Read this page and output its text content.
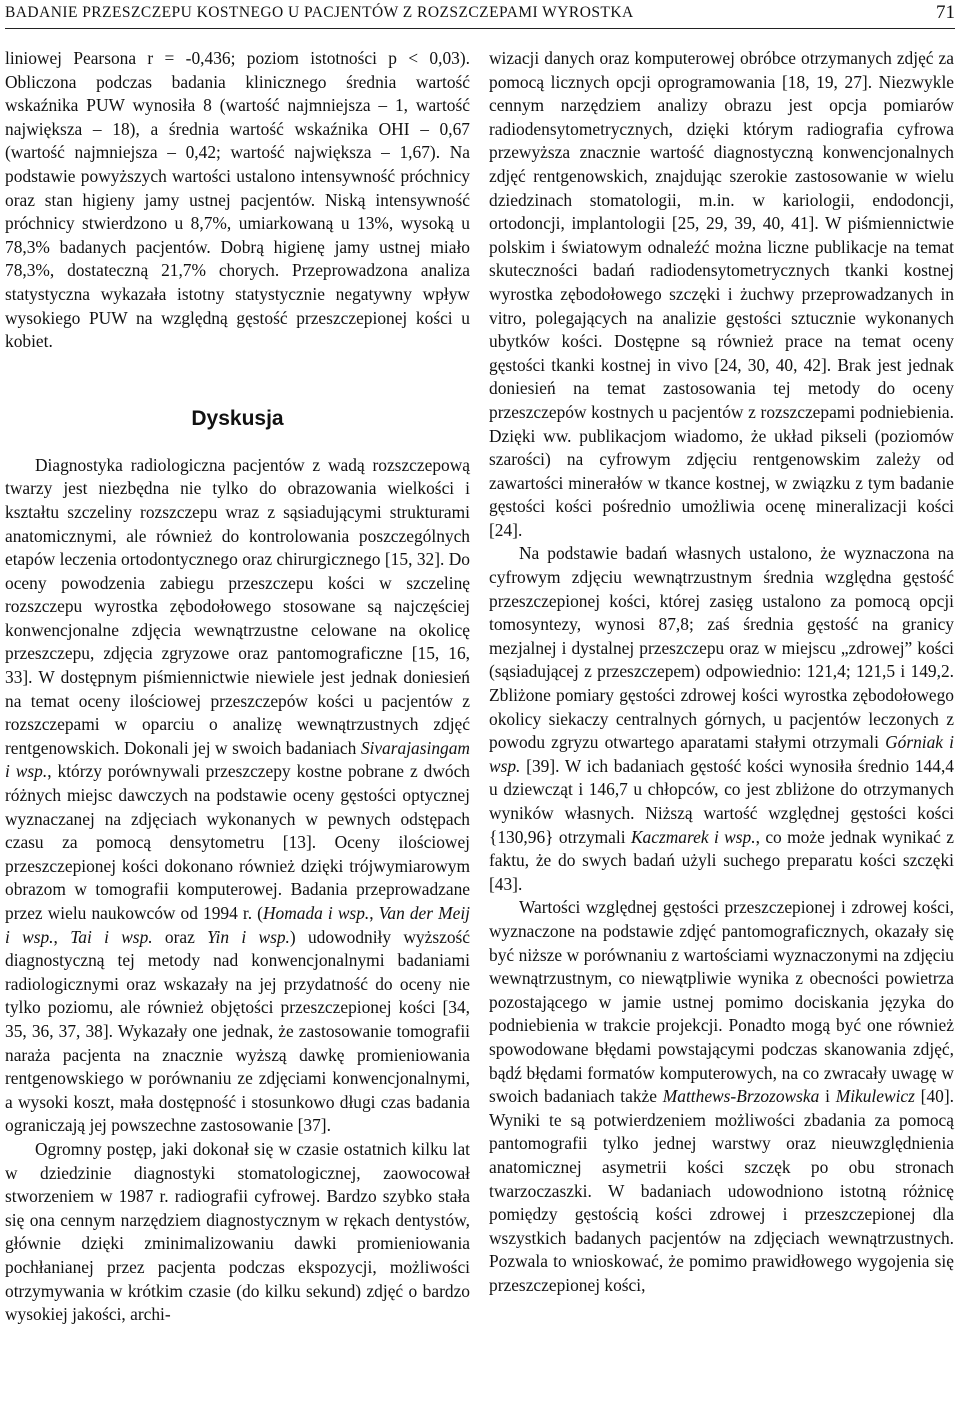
BADANIE PRZESZCZEPU KOSTNEGO U PACJENTÓW Z ROZSZCZEPAMI WYROSTKA	71

liniowej Pearsona r = -0,436; poziom istotności p < 0,03). Obliczona podczas badania klinicznego średnia wartość wskaźnika PUW wynosiła 8 (wartość najmniejsza – 1, wartość największa – 18), a średnia wartość wskaźnika OHI – 0,67 (wartość najmniejsza – 0,42; wartość największa – 1,67). Na podstawie powyższych wartości ustalono intensywność próchnicy oraz stan higieny jamy ustnej pacjentów. Niską intensywność próchnicy stwierdzono u 8,7%, umiarkowaną u 13%, wysoką u 78,3% badanych pacjentów. Dobrą higienę jamy ustnej miało 78,3%, dostateczną 21,7% chorych. Przeprowadzona analiza statystyczna wykazała istotny statystycznie negatywny wpływ wysokiego PUW na względną gęstość przeszczepionej kości u kobiet.

Dyskusja

Diagnostyka radiologiczna pacjentów z wadą rozszczepową twarzy jest niezbędna nie tylko do obrazowania wielkości i kształtu szczeliny rozszczepu wraz z sąsiadującymi strukturami anatomicznymi, ale również do kontrolowania poszczególnych etapów leczenia ortodontycznego oraz chirurgicznego [15, 32]. Do oceny powodzenia zabiegu przeszczepu kości w szczelinę rozszczepu wyrostka zębodołowego stosowane są najczęściej konwencjonalne zdjęcia wewnątrzustne celowane na okolicę przeszczepu, zdjęcia zgryzowe oraz pantomograficzne [15, 16, 33]. W dostępnym piśmiennictwie niewiele jest jednak doniesień na temat oceny ilościowej przeszczepów kości u pacjentów z rozszczepami w oparciu o analizę wewnątrzustnych zdjęć rentgenowskich. Dokonali jej w swoich badaniach Sivarajasingam i wsp., którzy porównywali przeszczepy kostne pobrane z dwóch różnych miejsc dawczych na podstawie oceny gęstości optycznej wyznaczanej na zdjęciach wykonanych w pewnych odstępach czasu za pomocą densytometru [13]. Oceny ilościowej przeszczepionej kości dokonano również dzięki trójwymiarowym obrazom w tomografii komputerowej. Badania przeprowadzane przez wielu naukowców od 1994 r. (Homada i wsp., Van der Meij i wsp., Tai i wsp. oraz Yin i wsp.) udowodniły wyższość diagnostyczną tej metody nad konwencjonalnymi badaniami radiologicznymi oraz wskazały na jej przydatność do oceny nie tylko poziomu, ale również objętości przeszczepionej kości [34, 35, 36, 37, 38]. Wykazały one jednak, że zastosowanie tomografii naraża pacjenta na znacznie wyższą dawkę promieniowania rentgenowskiego w porównaniu ze zdjęciami konwencjonalnymi, a wysoki koszt, mała dostępność i stosunkowo długi czas badania ograniczają jej powszechne zastosowanie [37].

Ogromny postęp, jaki dokonał się w czasie ostatnich kilku lat w dziedzinie diagnostyki stomatologicznej, zaowocował stworzeniem w 1987 r. radiografii cyfrowej. Bardzo szybko stała się ona cennym narzędziem diagnostycznym w rękach dentystów, głównie dzięki zminimalizowaniu dawki promieniowania pochłanianej przez pacjenta podczas ekspozycji, możliwości otrzymywania w krótkim czasie (do kilku sekund) zdjęć o bardzo wysokiej jakości, archi-

wizacji danych oraz komputerowej obróbce otrzymanych zdjęć za pomocą licznych opcji oprogramowania [18, 19, 27]. Niezwykle cennym narzędziem analizy obrazu jest opcja pomiarów radiodensytometrycznych, dzięki którym radiografia cyfrowa przewyższa znacznie wartość diagnostyczną konwencjonalnych zdjęć rentgenowskich, znajdując szerokie zastosowanie w wielu dziedzinach stomatologii, m.in. w kariologii, endodoncji, ortodoncji, implantologii [25, 29, 39, 40, 41]. W piśmiennictwie polskim i światowym odnaleźć można liczne publikacje na temat skuteczności badań radiodensytometrycznych tkanki kostnej wyrostka zębodołowego szczęki i żuchwy przeprowadzanych in vitro, polegających na analizie gęstości sztucznie wykonanych ubytków kości. Dostępne są również prace na temat oceny gęstości tkanki kostnej in vivo [24, 30, 40, 42]. Brak jest jednak doniesień na temat zastosowania tej metody do oceny przeszczepów kostnych u pacjentów z rozszczepami podniebienia. Dzięki ww. publikacjom wiadomo, że układ pikseli (poziomów szarości) na cyfrowym zdjęciu rentgenowskim zależy od zawartości minerałów w tkance kostnej, w związku z tym badanie gęstości kości pośrednio umożliwia ocenę mineralizacji kości [24].

Na podstawie badań własnych ustalono, że wyznaczona na cyfrowym zdjęciu wewnątrzustnym średnia względna gęstość przeszczepionej kości, której zasięg ustalono za pomocą opcji tomosyntezy, wynosi 87,8; zaś średnia gęstość na granicy mezjalnej i dystalnej przeszczepu oraz w miejscu „zdrowej” kości (sąsiadującej z przeszczepem) odpowiednio: 121,4; 121,5 i 149,2. Zbliżone pomiary gęstości zdrowej kości wyrostka zębodołowego okolicy siekaczy centralnych górnych, u pacjentów leczonych z powodu zgryzu otwartego aparatami stałymi otrzymali Górniak i wsp. [39]. W ich badaniach gęstość kości wynosiła średnio 144,4 u dziewcząt i 146,7 u chłopców, co jest zbliżone do otrzymanych wyników własnych. Niższą wartość względnej gęstości kości {130,96} otrzymali Kaczmarek i wsp., co może jednak wynikać z faktu, że do swych badań użyli suchego preparatu kości szczęki [43].

Wartości względnej gęstości przeszczepionej i zdrowej kości, wyznaczone na podstawie zdjęć pantomograficznych, okazały się być niższe w porównaniu z wartościami wyznaczonymi na zdjęciu wewnątrzustnym, co niewątpliwie wynika z obecności powietrza pozostającego w jamie ustnej pomimo dociskania języka do podniebienia w trakcie projekcji. Ponadto mogą być one również spowodowane błędami powstającymi podczas skanowania zdjęć, bądź błędami formatów komputerowych, na co zwracały uwagę w swoich badaniach także Matthews-Brzozowska i Mikulewicz [40]. Wyniki te są potwierdzeniem możliwości zbadania za pomocą pantomografii tylko jednej warstwy oraz nieuwzględnienia anatomicznej asymetrii kości szczęk po obu stronach twarzoczaszki. W badaniach udowodniono istotną różnicę pomiędzy gęstością kości zdrowej i przeszczepionej dla wszystkich badanych pacjentów na zdjęciach wewnątrzustnych. Pozwala to wnioskować, że pomimo prawidłowego wygojenia się przeszczepionej kości,
